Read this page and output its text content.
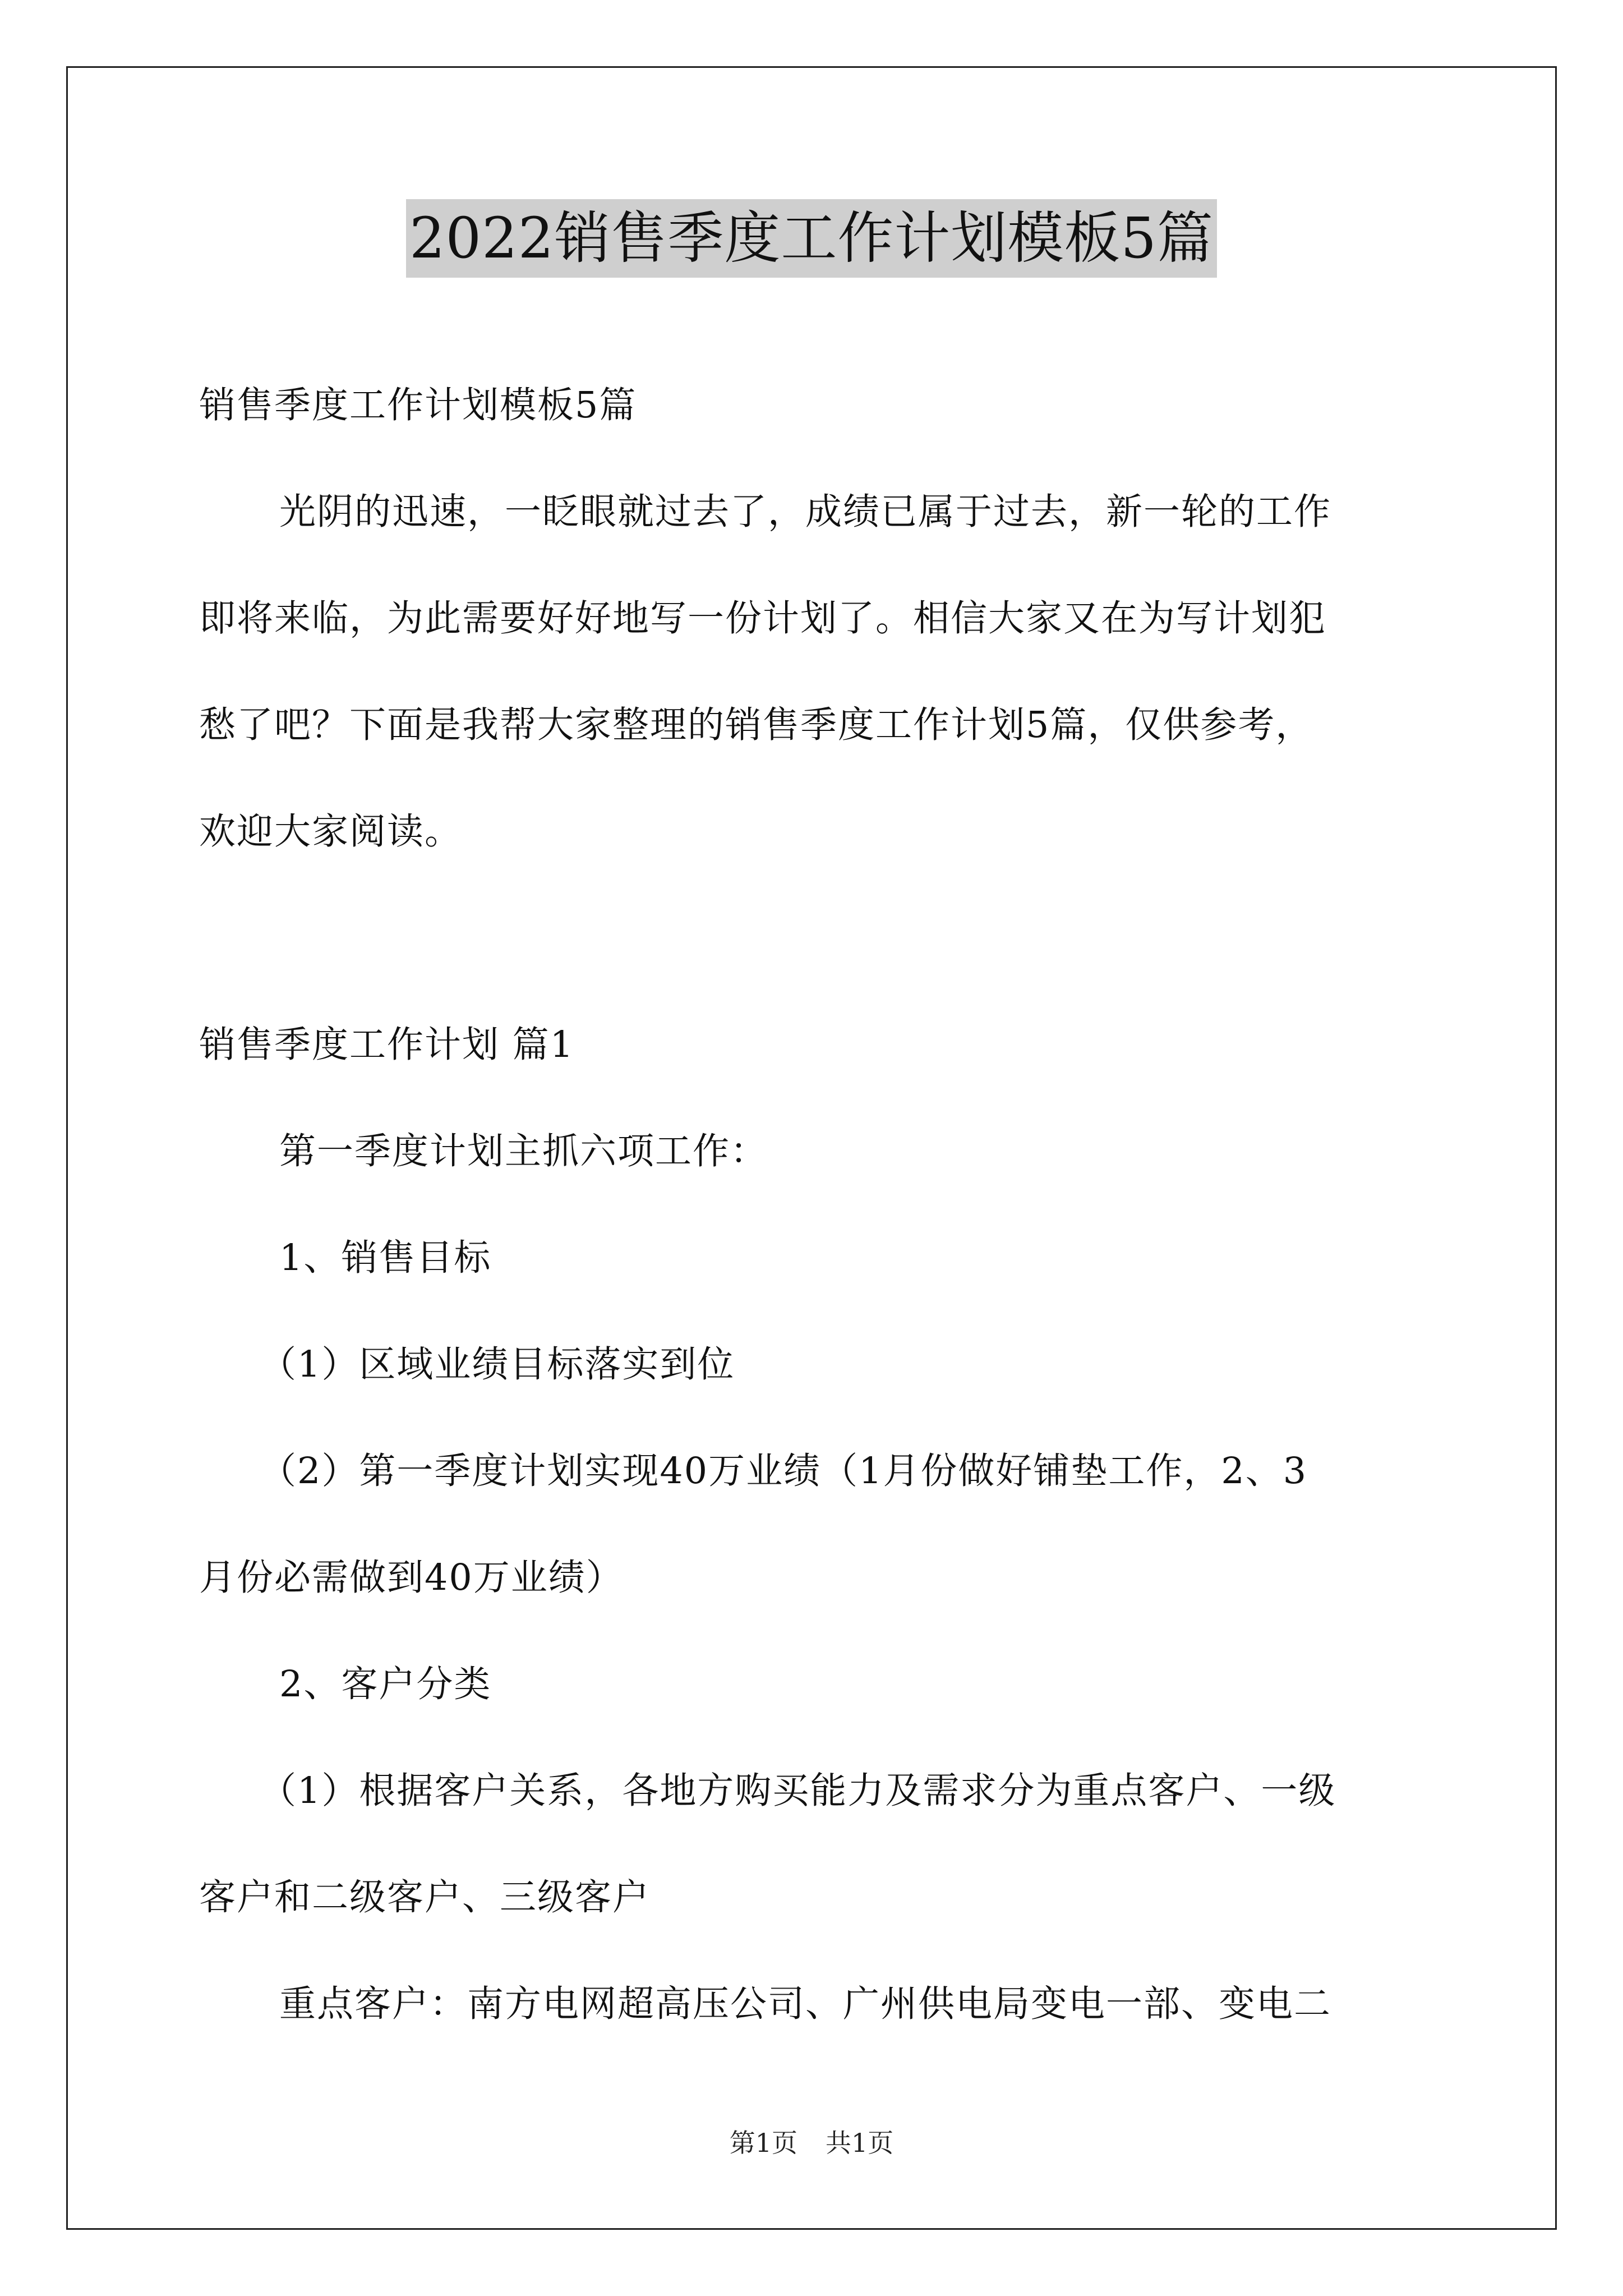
2022销售季度工作计划模板5篇

销售季度工作计划模板5篇

光阴的迅速，一眨眼就过去了，成绩已属于过去，新一轮的工作

即将来临，为此需要好好地写一份计划了。相信大家又在为写计划犯

愁了吧？下面是我帮大家整理的销售季度工作计划5篇，仅供参考，

欢迎大家阅读。

销售季度工作计划 篇1

第一季度计划主抓六项工作：

1、销售目标

（1）区域业绩目标落实到位

（2）第一季度计划实现40万业绩（1月份做好铺垫工作，2、3

月份必需做到40万业绩）

2、客户分类

（1）根据客户关系，各地方购买能力及需求分为重点客户、一级

客户和二级客户、三级客户

重点客户：南方电网超高压公司、广州供电局变电一部、变电二

第1页 共1页
